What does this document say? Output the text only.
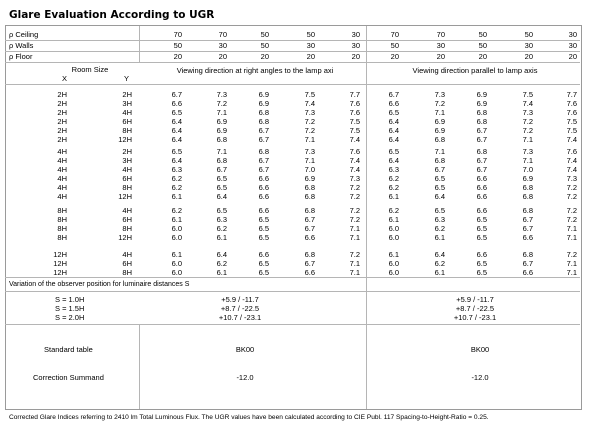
Glare Evaluation According to UGR
ρ Ceiling	70	70	50	50	30	70	70	50	50	30
ρ Walls	50	30	50	30	30	50	30	50	30	30
ρ Floor	20	20	20	20	20	20	20	20	20	20
Room Size
X	Y
Viewing direction at right angles to the lamp axi	Viewing direction parallel to lamp axis
2H	2H	6.7	7.3	6.9	7.5	7.7	6.7	7.3	6.9	7.5	7.7
2H	3H	6.6	7.2	6.9	7.4	7.6	6.6	7.2	6.9	7.4	7.6
2H	4H	6.5	7.1	6.8	7.3	7.6	6.5	7.1	6.8	7.3	7.6
2H	6H	6.4	6.9	6.8	7.2	7.5	6.4	6.9	6.8	7.2	7.5
2H	8H	6.4	6.9	6.7	7.2	7.5	6.4	6.9	6.7	7.2	7.5
2H	12H	6.4	6.8	6.7	7.1	7.4	6.4	6.8	6.7	7.1	7.4
4H	2H	6.5	7.1	6.8	7.3	7.6	6.5	7.1	6.8	7.3	7.6
4H	3H	6.4	6.8	6.7	7.1	7.4	6.4	6.8	6.7	7.1	7.4
4H	4H	6.3	6.7	6.7	7.0	7.4	6.3	6.7	6.7	7.0	7.4
4H	6H	6.2	6.5	6.6	6.9	7.3	6.2	6.5	6.6	6.9	7.3
4H	8H	6.2	6.5	6.6	6.8	7.2	6.2	6.5	6.6	6.8	7.2
4H	12H	6.1	6.4	6.6	6.8	7.2	6.1	6.4	6.6	6.8	7.2
8H	4H	6.2	6.5	6.6	6.8	7.2	6.2	6.5	6.6	6.8	7.2
8H	6H	6.1	6.3	6.5	6.7	7.2	6.1	6.3	6.5	6.7	7.2
8H	8H	6.0	6.2	6.5	6.7	7.1	6.0	6.2	6.5	6.7	7.1
8H	12H	6.0	6.1	6.5	6.6	7.1	6.0	6.1	6.5	6.6	7.1
12H	4H	6.1	6.4	6.6	6.8	7.2	6.1	6.4	6.6	6.8	7.2
12H	6H	6.0	6.2	6.5	6.7	7.1	6.0	6.2	6.5	6.7	7.1
12H	8H	6.0	6.1	6.5	6.6	7.1	6.0	6.1	6.5	6.6	7.1
Variation of the observer position for luminaire distances S
S = 1.0H	+5.9 / -11.7	+5.9 / -11.7
S = 1.5H	+8.7 / -22.5	+8.7 / -22.5
S = 2.0H	+10.7 / -23.1	+10.7 / -23.1
Standard table	BK00	BK00
Correction Summand	-12.0	-12.0
Corrected Glare Indices referring to 2410 lm Total Luminous Flux. The UGR values have been calculated according to CIE Publ. 117 Spacing-to-Height-Ratio = 0.25.
